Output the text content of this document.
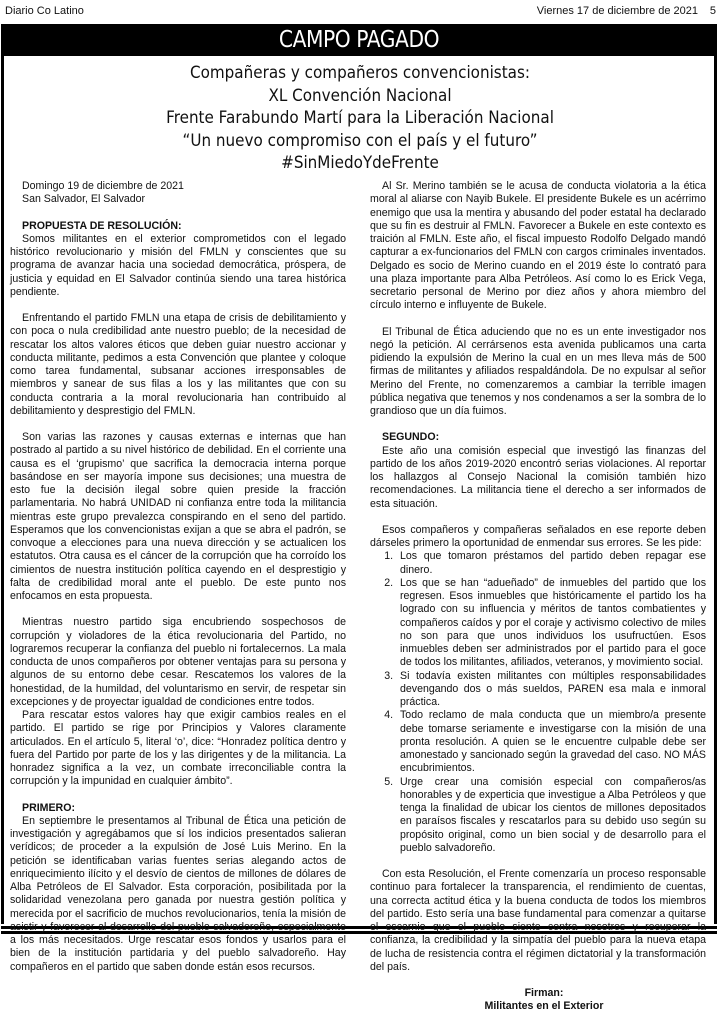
Diario Co Latino	Viernes 17 de diciembre de 2021 5
CAMPO PAGADO
Compañeras y compañeros convencionistas:
XL Convención Nacional
Frente Farabundo Martí para la Liberación Nacional
“Un nuevo compromiso con el país y el futuro”
#SinMiedoYdeFrente

Domingo 19 de diciembre de 2021

San Salvador, El Salvador

PROPUESTA DE RESOLUCIÓN:

Somos militantes en el exterior comprometidos con el legado histórico revolucionario y misión del FMLN y conscientes que su programa de avanzar hacia una sociedad democrática, próspera, de justicia y equidad en El Salvador continúa siendo una tarea histórica pendiente.

Enfrentando el partido FMLN una etapa de crisis de debilitamiento y con poca o nula credibilidad ante nuestro pueblo; de la necesidad de rescatar los altos valores éticos que deben guiar nuestro accionar y conducta militante, pedimos a esta Convención que plantee y coloque como tarea fundamental, subsanar acciones irresponsables de miembros y sanear de sus filas a los y las militantes que con su conducta contraria a la moral revolucionaria han contribuido al debilitamiento y desprestigio del FMLN.

Son varias las razones y causas externas e internas que han postrado al partido a su nivel histórico de debilidad. En el corriente una causa es el ‘grupismo’ que sacrifica la democracia interna porque basándose en ser mayoría impone sus decisiones; una muestra de esto fue la decisión ilegal sobre quien preside la fracción parlamentaria. No habrá UNIDAD ni confianza entre toda la militancia mientras este grupo prevalezca conspirando en el seno del partido. Esperamos que los convencionistas exijan a que se abra el padrón, se convoque a elecciones para una nueva dirección y se actualicen los estatutos. Otra causa es el cáncer de la corrupción que ha corroído los cimientos de nuestra institución política cayendo en el desprestigio y falta de credibilidad moral ante el pueblo. De este punto nos enfocamos en esta propuesta.

Mientras nuestro partido siga encubriendo sospechosos de corrupción y violadores de la ética revolucionaria del Partido, no lograremos recuperar la confianza del pueblo ni fortalecernos. La mala conducta de unos compañeros por obtener ventajas para su persona y algunos de su entorno debe cesar. Rescatemos los valores de la honestidad, de la humildad, del voluntarismo en servir, de respetar sin excepciones y de proyectar igualdad de condiciones entre todos.

Para rescatar estos valores hay que exigir cambios reales en el partido. El partido se rige por Principios y Valores claramente articulados. En el artículo 5, literal ‘o’, dice: “Honradez política dentro y fuera del Partido por parte de los y las dirigentes y de la militancia. La honradez significa a la vez, un combate irreconciliable contra la corrupción y la impunidad en cualquier ámbito”.

PRIMERO:

En septiembre le presentamos al Tribunal de Ética una petición de investigación y agregábamos que sí los indicios presentados salieran verídicos; de proceder a la expulsión de José Luis Merino. En la petición se identificaban varias fuentes serias alegando actos de enriquecimiento ilícito y el desvío de cientos de millones de dólares de Alba Petróleos de El Salvador. Esta corporación, posibilitada por la solidaridad venezolana pero ganada por nuestra gestión política y merecida por el sacrificio de muchos revolucionarios, tenía la misión de asistir y favorecer al desarrollo del pueblo salvadoreño, especialmente a los más necesitados. Urge rescatar esos fondos y usarlos para el bien de la institución partidaria y del pueblo salvadoreño. Hay compañeros en el partido que saben donde están esos recursos.

Al Sr. Merino también se le acusa de conducta violatoria a la ética moral al aliarse con Nayib Bukele. El presidente Bukele es un acérrimo enemigo que usa la mentira y abusando del poder estatal ha declarado que su fin es destruir al FMLN. Favorecer a Bukele en este contexto es traición al FMLN. Este año, el fiscal impuesto Rodolfo Delgado mandó capturar a ex-funcionarios del FMLN con cargos criminales inventados. Delgado es socio de Merino cuando en el 2019 éste lo contrató para una plaza importante para Alba Petróleos. Así como lo es Erick Vega, secretario personal de Merino por diez años y ahora miembro del círculo interno e influyente de Bukele.

El Tribunal de Ética aduciendo que no es un ente investigador nos negó la petición. Al cerrársenos esta avenida publicamos una carta pidiendo la expulsión de Merino la cual en un mes lleva más de 500 firmas de militantes y afiliados respaldándola. De no expulsar al señor Merino del Frente, no comenzaremos a cambiar la terrible imagen pública negativa que tenemos y nos condenamos a ser la sombra de lo grandioso que un día fuimos.

SEGUNDO:

Este año una comisión especial que investigó las finanzas del partido de los años 2019-2020 encontró serias violaciones. Al reportar los hallazgos al Consejo Nacional la comisión también hizo recomendaciones. La militancia tiene el derecho a ser informados de esta situación.

Esos compañeros y compañeras señalados en ese reporte deben dárseles primero la oportunidad de enmendar sus errores. Se les pide:

1. Los que tomaron préstamos del partido deben repagar ese dinero.
2. Los que se han “adueñado” de inmuebles del partido que los regresen. Esos inmuebles que históricamente el partido los ha logrado con su influencia y méritos de tantos combatientes y compañeros caídos y por el coraje y activismo colectivo de miles no son para que unos individuos los usufructúen. Esos inmuebles deben ser administrados por el partido para el goce de todos los militantes, afiliados, veteranos, y movimiento social.
3. Si todavía existen militantes con múltiples responsabilidades devengando dos o más sueldos, PAREN esa mala e inmoral práctica.
4. Todo reclamo de mala conducta que un miembro/a presente debe tomarse seriamente e investigarse con la misión de una pronta resolución. A quien se le encuentre culpable debe ser amonestado y sancionado según la gravedad del caso. NO MÁS encubrimientos.
5. Urge crear una comisión especial con compañeros/as honorables y de experticia que investigue a Alba Petróleos y que tenga la finalidad de ubicar los cientos de millones depositados en paraísos fiscales y rescatarlos para su debido uso según su propósito original, como un bien social y de desarrollo para el pueblo salvadoreño.

Con esta Resolución, el Frente comenzaría un proceso responsable continuo para fortalecer la transparencia, el rendimiento de cuentas, una correcta actitud ética y la buena conducta de todos los miembros del partido. Esto sería una base fundamental para comenzar a quitarse el escarnio que el pueblo siente contra nosotros y recuperar la confianza, la credibilidad y la simpatía del pueblo para la nueva etapa de lucha de resistencia contra el régimen dictatorial y la transformación del país.

Firman:

Militantes en el Exterior
